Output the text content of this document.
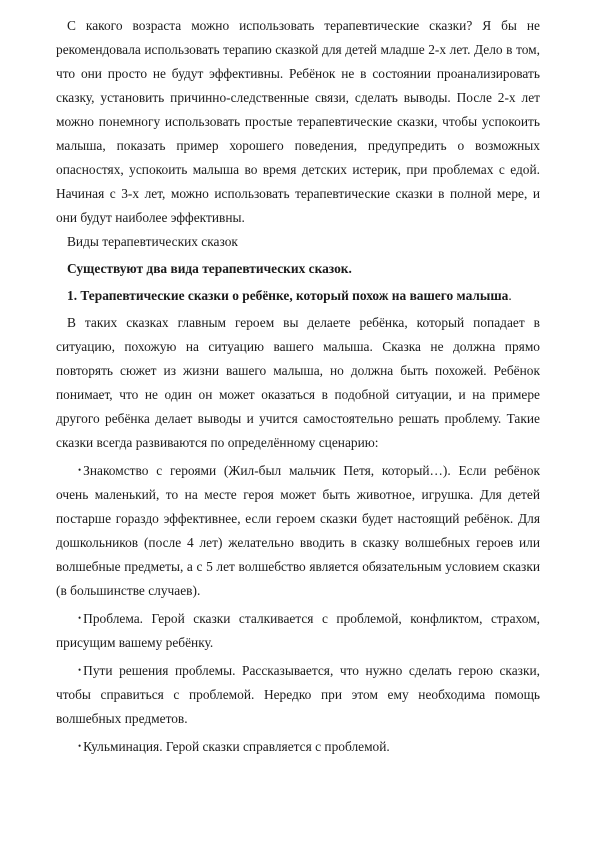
С какого возраста можно использовать терапевтические сказки? Я бы не рекомендовала использовать терапию сказкой для детей младше 2-х лет. Дело в том, что они просто не будут эффективны. Ребёнок не в состоянии проанализировать сказку, установить причинно-следственные связи, сделать выводы. После 2-х лет можно понемногу использовать простые терапевтические сказки, чтобы успокоить малыша, показать пример хорошего поведения, предупредить о возможных опасностях, успокоить малыша во время детских истерик, при проблемах с едой. Начиная с 3-х лет, можно использовать терапевтические сказки в полной мере, и они будут наиболее эффективны.

Виды терапевтических сказок

Существуют два вида терапевтических сказок.

1. Терапевтические сказки о ребёнке, который похож на вашего малыша.

В таких сказках главным героем вы делаете ребёнка, который попадает в ситуацию, похожую на ситуацию вашего малыша. Сказка не должна прямо повторять сюжет из жизни вашего малыша, но должна быть похожей. Ребёнок понимает, что не один он может оказаться в подобной ситуации, и на примере другого ребёнка делает выводы и учится самостоятельно решать проблему. Такие сказки всегда развиваются по определённому сценарию:

• Знакомство с героями (Жил-был мальчик Петя, который…). Если ребёнок очень маленький, то на месте героя может быть животное, игрушка. Для детей постарше гораздо эффективнее, если героем сказки будет настоящий ребёнок. Для дошкольников (после 4 лет) желательно вводить в сказку волшебных героев или волшебные предметы, а с 5 лет волшебство является обязательным условием сказки (в большинстве случаев).

• Проблема. Герой сказки сталкивается с проблемой, конфликтом, страхом, присущим вашему ребёнку.

• Пути решения проблемы. Рассказывается, что нужно сделать герою сказки, чтобы справиться с проблемой. Нередко при этом ему необходима помощь волшебных предметов.

• Кульминация. Герой сказки справляется с проблемой.
